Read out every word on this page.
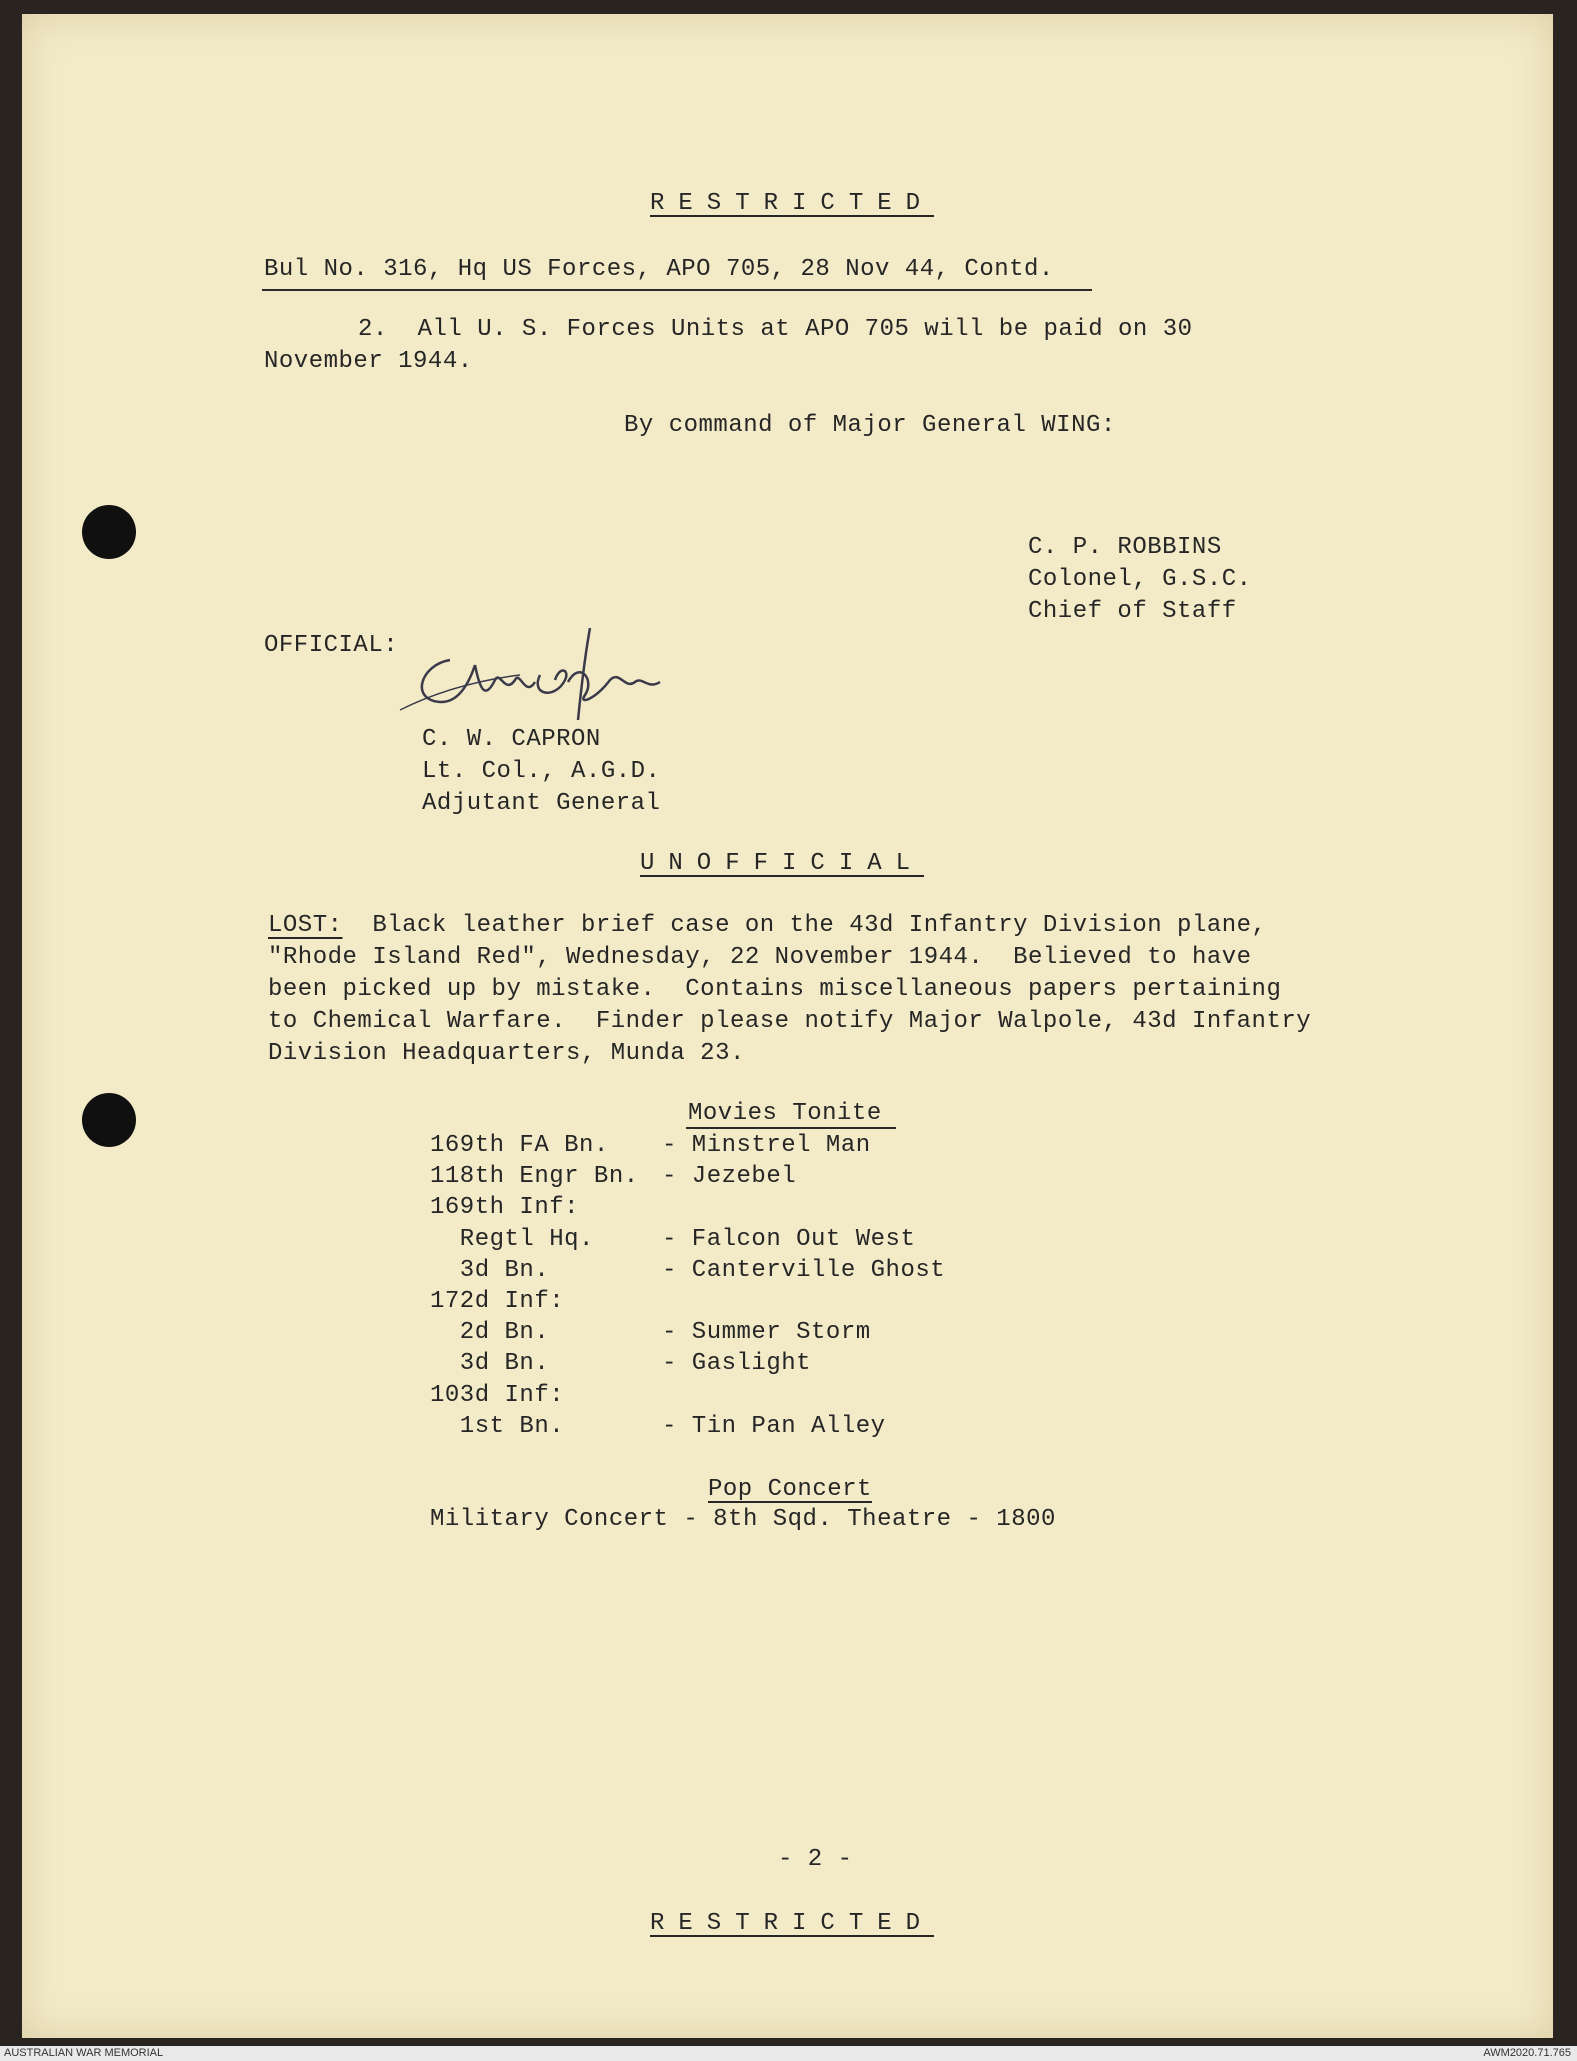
RESTRICTED
Bul No. 316, Hq US Forces, APO 705, 28 Nov 44, Contd.
2.  All U. S. Forces Units at APO 705 will be paid on 30
November 1944.
By command of Major General WING:
C. P. ROBBINS
Colonel, G.S.C.
Chief of Staff
OFFICIAL:
C. W. CAPRON
Lt. Col., A.G.D.
Adjutant General
UNOFFICIAL
LOST:  Black leather brief case on the 43d Infantry Division plane,
"Rhode Island Red", Wednesday, 22 November 1944.  Believed to have
been picked up by mistake.  Contains miscellaneous papers pertaining
to Chemical Warfare.  Finder please notify Major Walpole, 43d Infantry
Division Headquarters, Munda 23.
Movies Tonite
169th FA Bn. - Minstrel Man
118th Engr Bn. - Jezebel
169th Inf:
Regtl Hq.	- Falcon Out West
3d Bn.	- Canterville Ghost
172d Inf:
2d Bn.	- Summer Storm
3d Bn.	- Gaslight
103d Inf:
1st Bn.	- Tin Pan Alley
Pop Concert
Military Concert - 8th Sqd. Theatre - 1800
- 2 -
RESTRICTED
AUSTRALIAN WAR MEMORIAL	AWM2020.71.765
